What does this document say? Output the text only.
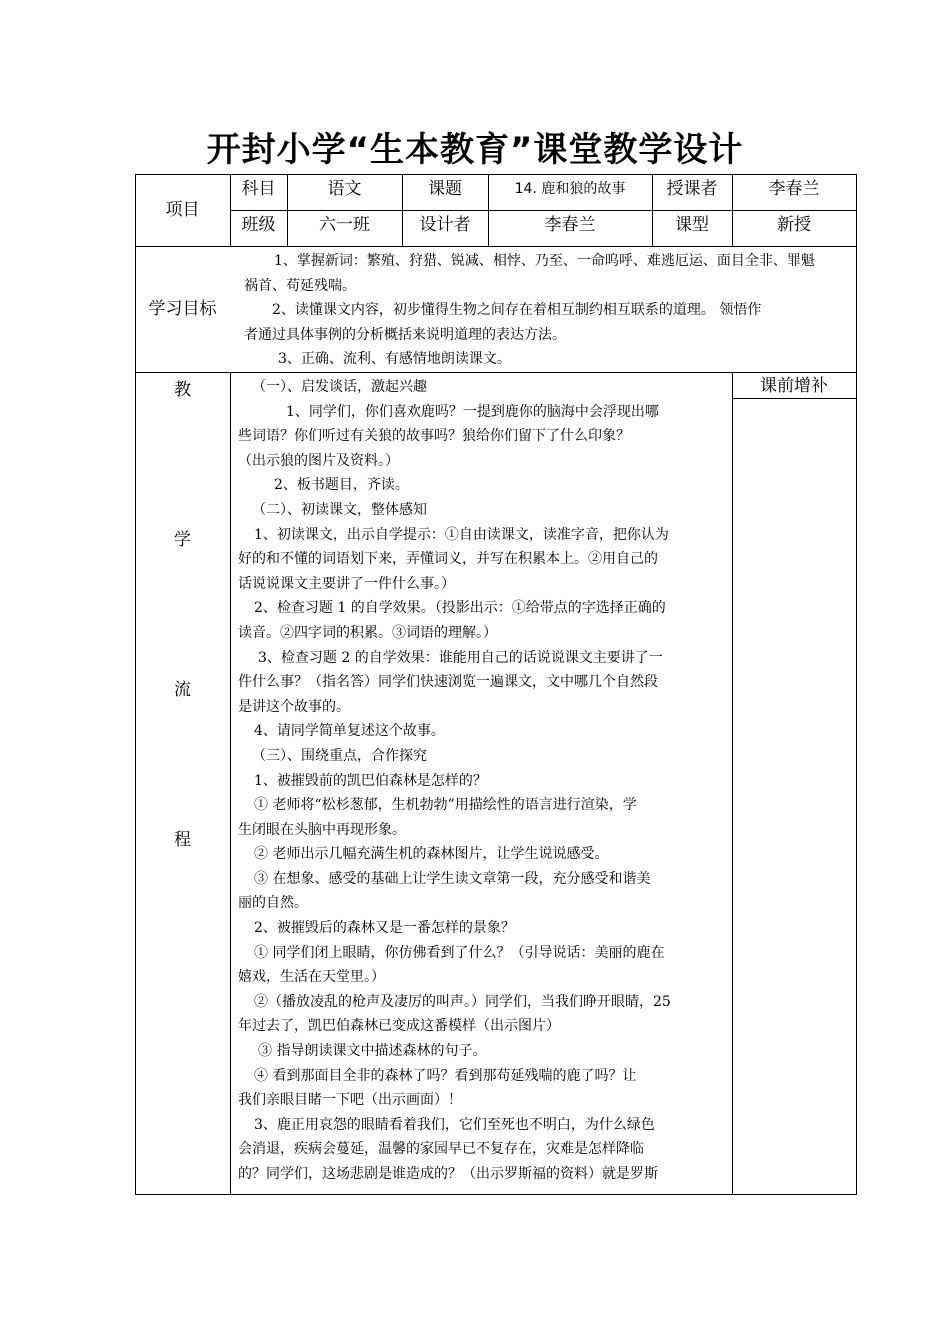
开封小学“生本教育”课堂教学设计
项目
科目	语文	课题	14. 鹿和狼的故事	授课者	李春兰
班级	六一班	设计者	李春兰	课型	新授
学习目标

1、掌握新词：繁殖、狩猎、锐减、相悖、乃至、一命呜呼、难逃厄运、面目全非、罪魁

祸首、苟延残喘。

2、读懂课文内容，初步懂得生物之间存在着相互制约相互联系的道理。 领悟作

者通过具体事例的分析概括来说明道理的表达方法。

3、正确、流利、有感情地朗读课文。

教
学
流
程
课前增补

（一）、启发谈话，激起兴趣

1、同学们，你们喜欢鹿吗？一提到鹿你的脑海中会浮现出哪

些词语？你们听过有关狼的故事吗？狼给你们留下了什么印象？

（出示狼的图片及资料。）

2、板书题目，齐读。

（二）、初读课文，整体感知

1、初读课文，出示自学提示：①自由读课文，读准字音，把你认为

好的和不懂的词语划下来，弄懂词义，并写在积累本上。②用自己的

话说说课文主要讲了一件什么事。）

2、检查习题 1 的自学效果。（投影出示：①给带点的字选择正确的

读音。②四字词的积累。③词语的理解。）

3、检查习题 2 的自学效果：谁能用自己的话说说课文主要讲了一

件什么事？（指名答）同学们快速浏览一遍课文，文中哪几个自然段

是讲这个故事的。

4、请同学简单复述这个故事。

（三）、围绕重点，合作探究

1、被摧毁前的凯巴伯森林是怎样的？

① 老师将“松杉葱郁，生机勃勃”用描绘性的语言进行渲染，学

生闭眼在头脑中再现形象。

② 老师出示几幅充满生机的森林图片，让学生说说感受。

③ 在想象、感受的基础上让学生读文章第一段，充分感受和谐美

丽的自然。

2、被摧毁后的森林又是一番怎样的景象？

① 同学们闭上眼睛，你仿佛看到了什么？（引导说话：美丽的鹿在

嬉戏，生活在天堂里。）

②（播放凌乱的枪声及凄厉的叫声。）同学们，当我们睁开眼睛，25

年过去了，凯巴伯森林已变成这番模样（出示图片）

③ 指导朗读课文中描述森林的句子。

④ 看到那面目全非的森林了吗？看到那苟延残喘的鹿了吗？让

我们亲眼目睹一下吧（出示画面）！

3、鹿正用哀怨的眼睛看着我们，它们至死也不明白，为什么绿色

会消退，疾病会蔓延，温馨的家园早已不复存在，灾难是怎样降临

的？同学们，这场悲剧是谁造成的？（出示罗斯福的资料）就是罗斯
